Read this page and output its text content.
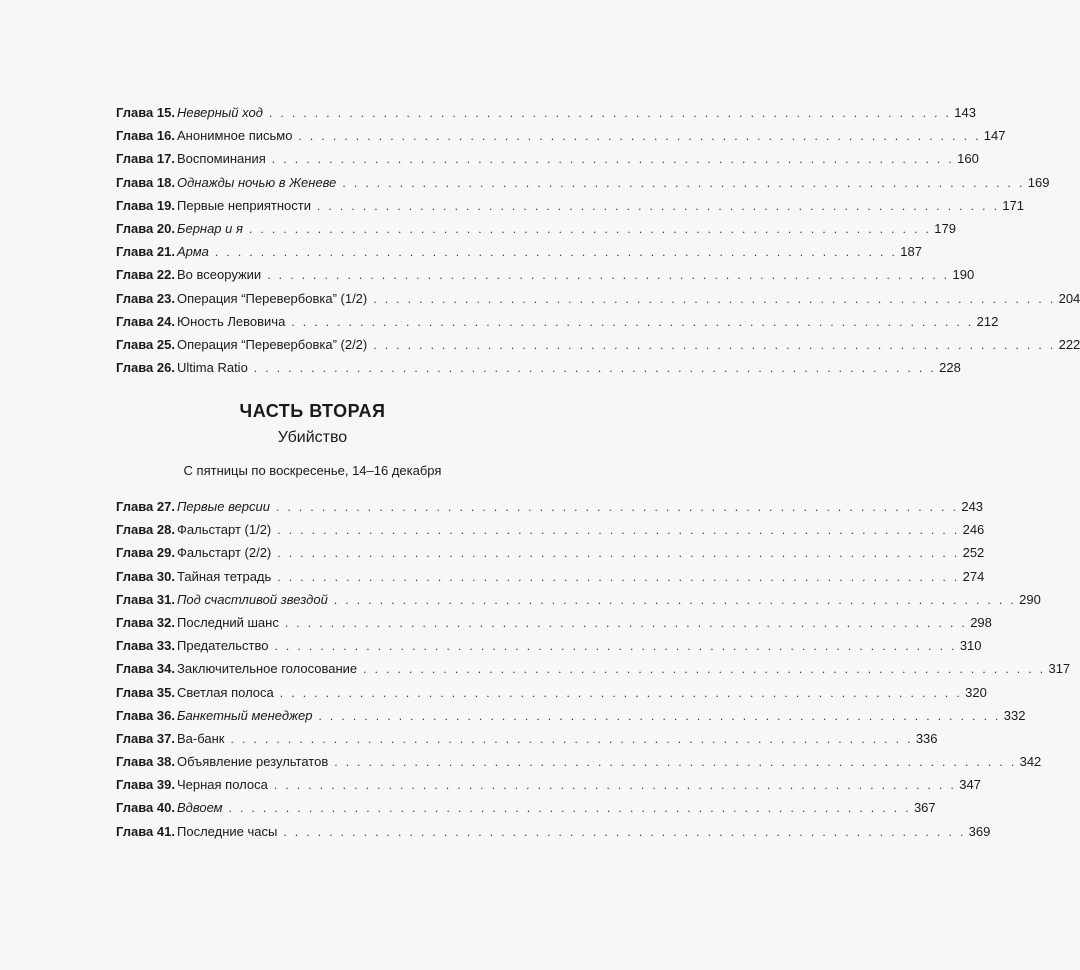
Глава 15. Неверный ход . . . . . . . . . . . . . . . . . . . . . . . . . . . . . . . . . . . . . . . . . . . . . . . . . . . . . . . . . . . . 143
Глава 16. Анонимное письмо . . . . . . . . . . . . . . . . . . . . . . . . . . . . . . . . . . . . . . . . . . . . . . . . . . . . . . . . . . . . 147
Глава 17. Воспоминания . . . . . . . . . . . . . . . . . . . . . . . . . . . . . . . . . . . . . . . . . . . . . . . . . . . . . . . . . . . . 160
Глава 18. Однажды ночью в Женеве . . . . . . . . . . . . . . . . . . . . . . . . . . . . . . . . . . . . . . . . . . . . . . . . . . . . . . . . . . . . 169
Глава 19. Первые неприятности . . . . . . . . . . . . . . . . . . . . . . . . . . . . . . . . . . . . . . . . . . . . . . . . . . . . . . . . . . . . 171
Глава 20. Бернар и я . . . . . . . . . . . . . . . . . . . . . . . . . . . . . . . . . . . . . . . . . . . . . . . . . . . . . . . . . . . . 179
Глава 21. Арма . . . . . . . . . . . . . . . . . . . . . . . . . . . . . . . . . . . . . . . . . . . . . . . . . . . . . . . . . . . . 187
Глава 22. Во всеоружии . . . . . . . . . . . . . . . . . . . . . . . . . . . . . . . . . . . . . . . . . . . . . . . . . . . . . . . . . . . . 190
Глава 23. Операция “Перевербовка” (1/2) . . . . . . . . . . . . . . . . . . . . . . . . . . . . . . . . . . . . . . . . . . . . . . . . . . . . . . . . . . . . 204
Глава 24. Юность Левовича . . . . . . . . . . . . . . . . . . . . . . . . . . . . . . . . . . . . . . . . . . . . . . . . . . . . . . . . . . . . 212
Глава 25. Операция “Перевербовка” (2/2) . . . . . . . . . . . . . . . . . . . . . . . . . . . . . . . . . . . . . . . . . . . . . . . . . . . . . . . . . . . . 222
Глава 26. Ultima Ratio . . . . . . . . . . . . . . . . . . . . . . . . . . . . . . . . . . . . . . . . . . . . . . . . . . . . . . . . . . . . 228
ЧАСТЬ ВТОРАЯ
Убийство
С пятницы по воскресенье, 14–16 декабря
Глава 27. Первые версии . . . . . . . . . . . . . . . . . . . . . . . . . . . . . . . . . . . . . . . . . . . . . . . . . . . . . . . . . . . . 243
Глава 28. Фальстарт (1/2) . . . . . . . . . . . . . . . . . . . . . . . . . . . . . . . . . . . . . . . . . . . . . . . . . . . . . . . . . . . . 246
Глава 29. Фальстарт (2/2) . . . . . . . . . . . . . . . . . . . . . . . . . . . . . . . . . . . . . . . . . . . . . . . . . . . . . . . . . . . . 252
Глава 30. Тайная тетрадь . . . . . . . . . . . . . . . . . . . . . . . . . . . . . . . . . . . . . . . . . . . . . . . . . . . . . . . . . . . . 274
Глава 31. Под счастливой звездой . . . . . . . . . . . . . . . . . . . . . . . . . . . . . . . . . . . . . . . . . . . . . . . . . . . . . . . . . . . . 290
Глава 32. Последний шанс . . . . . . . . . . . . . . . . . . . . . . . . . . . . . . . . . . . . . . . . . . . . . . . . . . . . . . . . . . . . 298
Глава 33. Предательство . . . . . . . . . . . . . . . . . . . . . . . . . . . . . . . . . . . . . . . . . . . . . . . . . . . . . . . . . . . . 310
Глава 34. Заключительное голосование . . . . . . . . . . . . . . . . . . . . . . . . . . . . . . . . . . . . . . . . . . . . . . . . . . . . . . . . . . . . 317
Глава 35. Светлая полоса . . . . . . . . . . . . . . . . . . . . . . . . . . . . . . . . . . . . . . . . . . . . . . . . . . . . . . . . . . . . 320
Глава 36. Банкетный менеджер . . . . . . . . . . . . . . . . . . . . . . . . . . . . . . . . . . . . . . . . . . . . . . . . . . . . . . . . . . . . 332
Глава 37. Ва-банк . . . . . . . . . . . . . . . . . . . . . . . . . . . . . . . . . . . . . . . . . . . . . . . . . . . . . . . . . . . . 336
Глава 38. Объявление результатов . . . . . . . . . . . . . . . . . . . . . . . . . . . . . . . . . . . . . . . . . . . . . . . . . . . . . . . . . . . . 342
Глава 39. Черная полоса . . . . . . . . . . . . . . . . . . . . . . . . . . . . . . . . . . . . . . . . . . . . . . . . . . . . . . . . . . . . 347
Глава 40. Вдвоем . . . . . . . . . . . . . . . . . . . . . . . . . . . . . . . . . . . . . . . . . . . . . . . . . . . . . . . . . . . . 367
Глава 41. Последние часы . . . . . . . . . . . . . . . . . . . . . . . . . . . . . . . . . . . . . . . . . . . . . . . . . . . . . . . . . . . . 369
